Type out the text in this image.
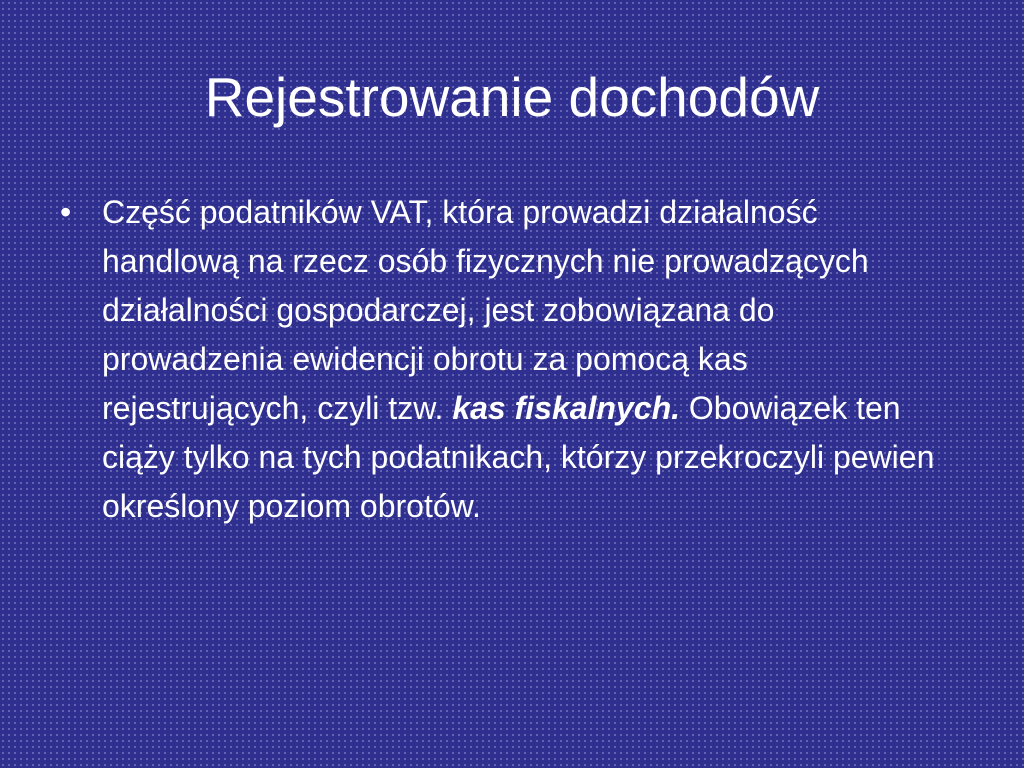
Rejestrowanie dochodów
• Część podatników VAT, która prowadzi działalność handlową na rzecz osób fizycznych nie prowadzących działalności gospodarczej, jest zobowiązana do prowadzenia ewidencji obrotu za pomocą kas rejestrujących, czyli tzw. kas fiskalnych. Obowiązek ten ciąży tylko na tych podatnikach, którzy przekroczyli pewien określony poziom obrotów.
